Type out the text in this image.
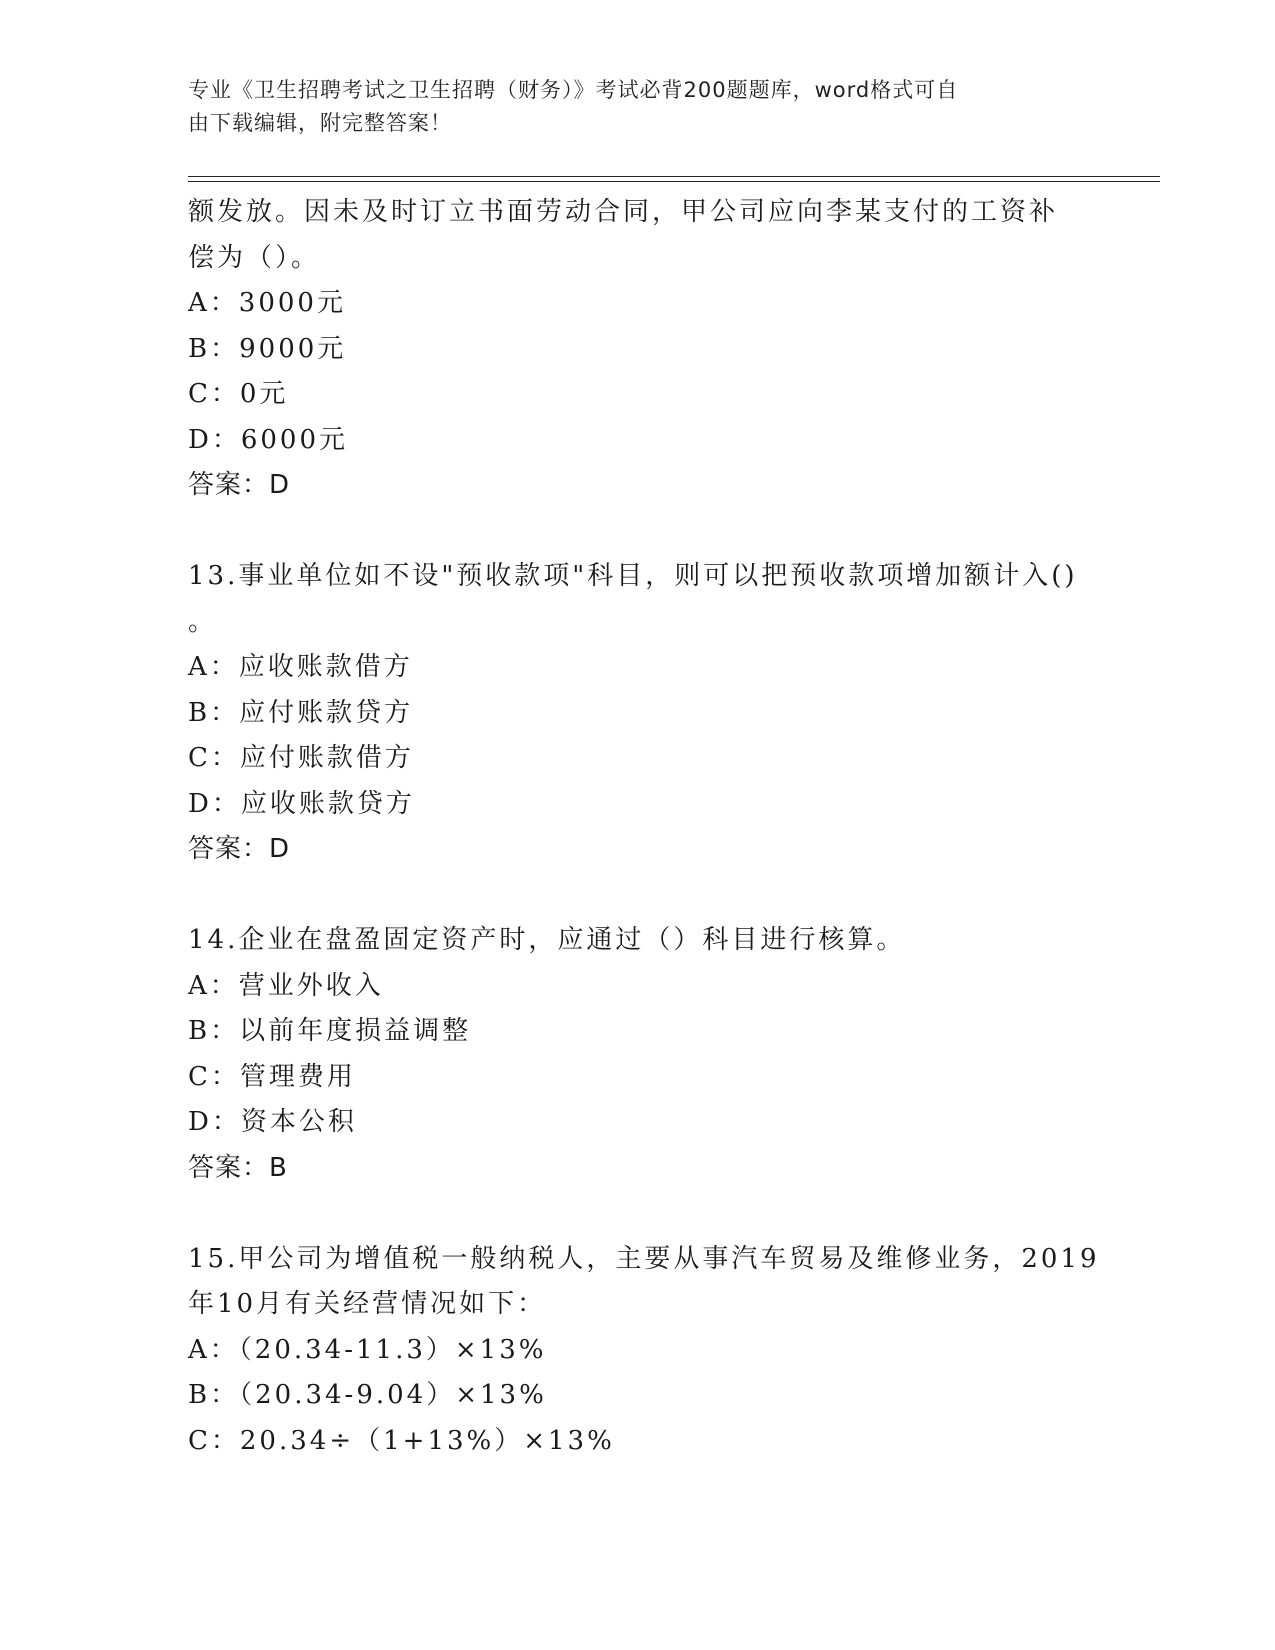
专业《卫生招聘考试之卫生招聘（财务）》考试必背200题题库，word格式可自
由下载编辑，附完整答案！
额发放。因未及时订立书面劳动合同，甲公司应向李某支付的工资补
偿为（）。
A：3000元
B：9000元
C：0元
D：6000元
答案：D
13.事业单位如不设"预收款项"科目，则可以把预收款项增加额计入()
。
A：应收账款借方
B：应付账款贷方
C：应付账款借方
D：应收账款贷方
答案：D
14.企业在盘盈固定资产时，应通过（）科目进行核算。
A：营业外收入
B：以前年度损益调整
C：管理费用
D：资本公积
答案：B
15.甲公司为增值税一般纳税人，主要从事汽车贸易及维修业务，2019
年10月有关经营情况如下：
A：（20.34-11.3）×13%
B：（20.34-9.04）×13%
C：20.34÷（1+13%）×13%
